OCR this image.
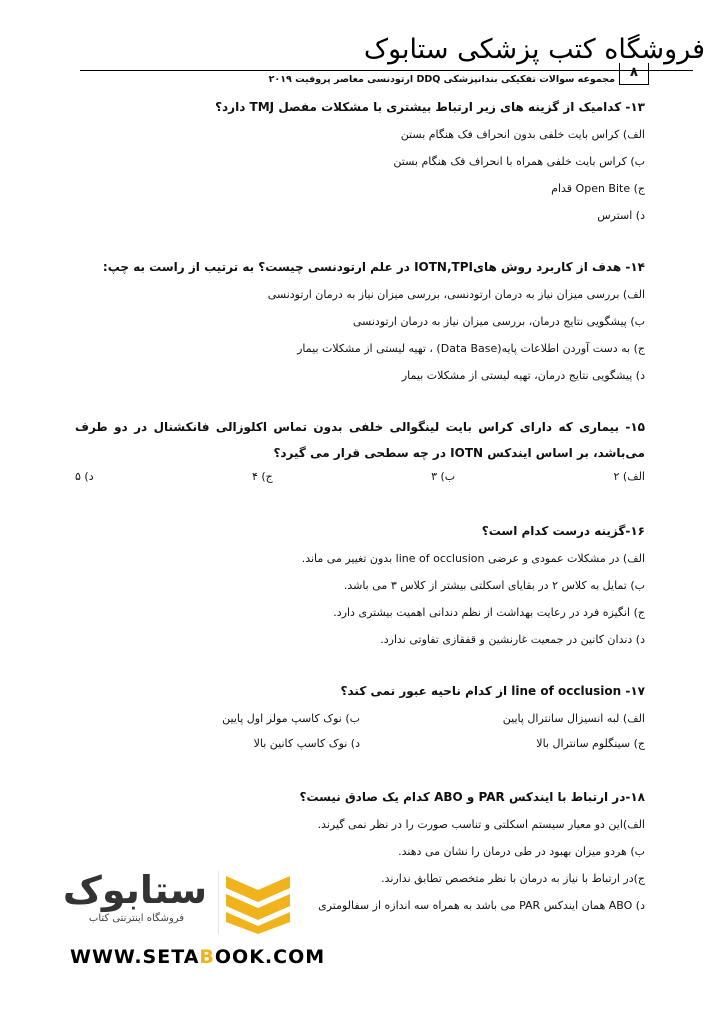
فروشگاه کتب پزشکی ستابوک
۸
مجموعه سوالات تفکیکی بندانپزشکی DDQ ارتودنسی معاصر پروفیت ۲۰۱۹
۱۳- کدامیک از گزینه های زیر ارتباط بیشتری با مشکلات مفصل TMJ دارد؟
الف) کراس بایت خلفی بدون انحراف فک هنگام بستن
ب) کراس بایت خلفی همراه با انحراف فک هنگام بستن
ج) Open Bite قدام
د) استرس
۱۴- هدف از کاربرد روش هایIOTN,TPI در علم ارتودنسی چیست؟ به ترتیب از راست به چپ:
الف) بررسی میزان نیاز به درمان ارتودنسی، بررسی میزان نیاز به درمان ارتودنسی
ب) پیشگویی نتایج درمان، بررسی میزان نیاز به درمان ارتودنسی
ج) به دست آوردن اطلاعات پایه(Data Base) ، تهیه لیستی از مشکلات بیمار
د) پیشگویی نتایج درمان، تهیه لیستی از مشکلات بیمار
۱۵- بیماری که دارای کراس بایت لینگوالی خلفی بدون تماس اکلوزالی فانکشنال در دو طرف می‌باشد، بر اساس ایندکس IOTN در چه سطحی قرار می گیرد؟
الف) ۲
ب) ۳
ج) ۴
د) ۵
۱۶-گزینه درست کدام است؟
الف) در مشکلات عمودی و عرضی line of occlusion بدون تغییر می ماند.
ب) تمایل به کلاس ۲ در بقایای اسکلتی بیشتر از کلاس ۳ می باشد.
ج) انگیزه فرد در رعایت بهداشت از نظم دندانی اهمیت بیشتری دارد.
د) دندان کانین در جمعیت غارنشین و قفقازی تفاوتی ندارد.
۱۷- line of occlusion از کدام ناحیه عبور نمی کند؟
الف) لبه انسیزال سانترال پایین
ب) نوک کاسپ مولر اول پایین
ج) سینگلوم سانترال بالا
د) نوک کاسپ کانین بالا
۱۸-در ارتباط با ایندکس PAR و ABO کدام یک صادق نیست؟
الف)این دو معیار سیستم اسکلتی و تناسب صورت را در نظر نمی گیرند.
ب) هردو میزان بهبود در طی درمان را نشان می دهند.
ج)در ارتباط با نیاز به درمان با نظر متخصص تطابق ندارند.
د) ABO همان ایندکس PAR می باشد به همراه سه اندازه از سفالومتری
ستابوک
فروشگاه اینترنتی کتاب
WWW.SETABOOK.COM
